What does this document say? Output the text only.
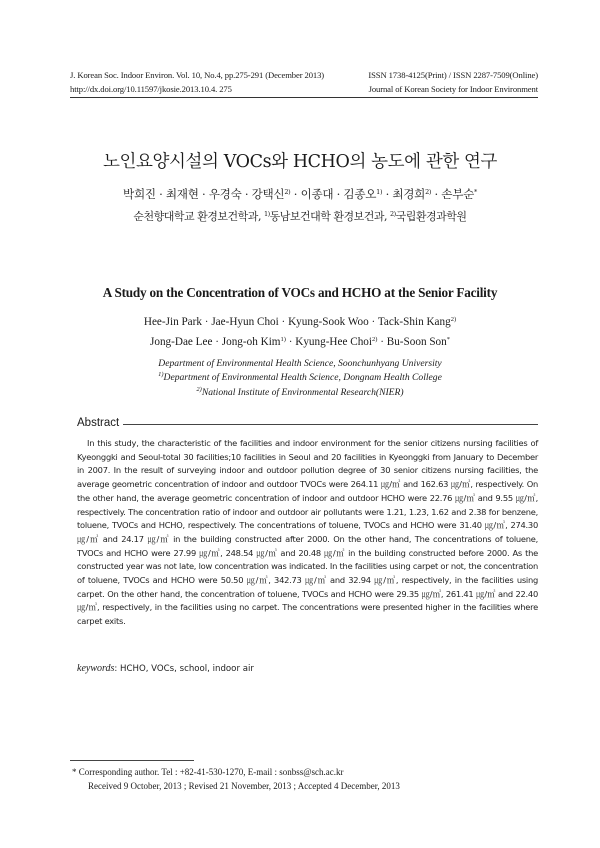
J. Korean Soc. Indoor Environ. Vol. 10, No.4, pp.275-291 (December 2013)	ISSN 1738-4125(Print) / ISSN 2287-7509(Online)
http://dx.doi.org/10.11597/jkosie.2013.10.4. 275	Journal of Korean Society for Indoor Environment
노인요양시설의 VOCs와 HCHO의 농도에 관한 연구
박희진 · 최재현 · 우경숙 · 강택신$^{2)}$ · 이종대 · 김종오$^{1)}$ · 최경희$^{2)}$ · 손부순*
순천향대학교 환경보건학과, $^{1)}$동남보건대학 환경보건과, $^{2)}$국립환경과학원
A Study on the Concentration of VOCs and HCHO at the Senior Facility
Hee-Jin Park · Jae-Hyun Choi · Kyung-Sook Woo · Tack-Shin Kang$^{2)}$
Jong-Dae Lee · Jong-oh Kim$^{1)}$ · Kyung-Hee Choi$^{2)}$ · Bu-Soon Son*
Department of Environmental Health Science, Soonchunhyang University
$^{1)}$Department of Environmental Health Science, Dongnam Health College
$^{2)}$National Institute of Environmental Research(NIER)
Abstract
In this study, the characteristic of the facilities and indoor environment for the senior citizens nursing facilities of Kyeonggki and Seoul-total 30 facilities;10 facilities in Seoul and 20 facilities in Kyeonggki from January to December in 2007. In the result of surveying indoor and outdoor pollution degree of 30 senior citizens nursing facilities, the average geometric concentration of indoor and outdoor TVOCs were 264.11 ㎍/㎥ and 162.63 ㎍/㎥, respectively. On the other hand, the average geometric concentration of indoor and outdoor HCHO were 22.76 ㎍/㎥ and 9.55 ㎍/㎥, respectively. The concentration ratio of indoor and outdoor air pollutants were 1.21, 1.23, 1.62 and 2.38 for benzene, toluene, TVOCs and HCHO, respectively. The concentrations of toluene, TVOCs and HCHO were 31.40 ㎍/㎥, 274.30 ㎍/㎥ and 24.17 ㎍/㎥ in the building constructed after 2000. On the other hand, The concentrations of toluene, TVOCs and HCHO were 27.99 ㎍/㎥, 248.54 ㎍/㎥ and 20.48 ㎍/㎥ in the building constructed before 2000. As the constructed year was not late, low concentration was indicated. In the facilities using carpet or not, the concentration of toluene, TVOCs and HCHO were 50.50 ㎍/㎥, 342.73 ㎍/㎥ and 32.94 ㎍/㎥, respectively, in the facilities using carpet. On the other hand, the concentration of toluene, TVOCs and HCHO were 29.35 ㎍/㎥, 261.41 ㎍/㎥ and 22.40 ㎍/㎥, respectively, in the facilities using no carpet. The concentrations were presented higher in the facilities where carpet exits.
keywords: HCHO, VOCs, school, indoor air
* Corresponding author. Tel : +82-41-530-1270, E-mail : sonbss@sch.ac.kr
Received 9 October, 2013 ; Revised 21 November, 2013 ; Accepted 4 December, 2013
